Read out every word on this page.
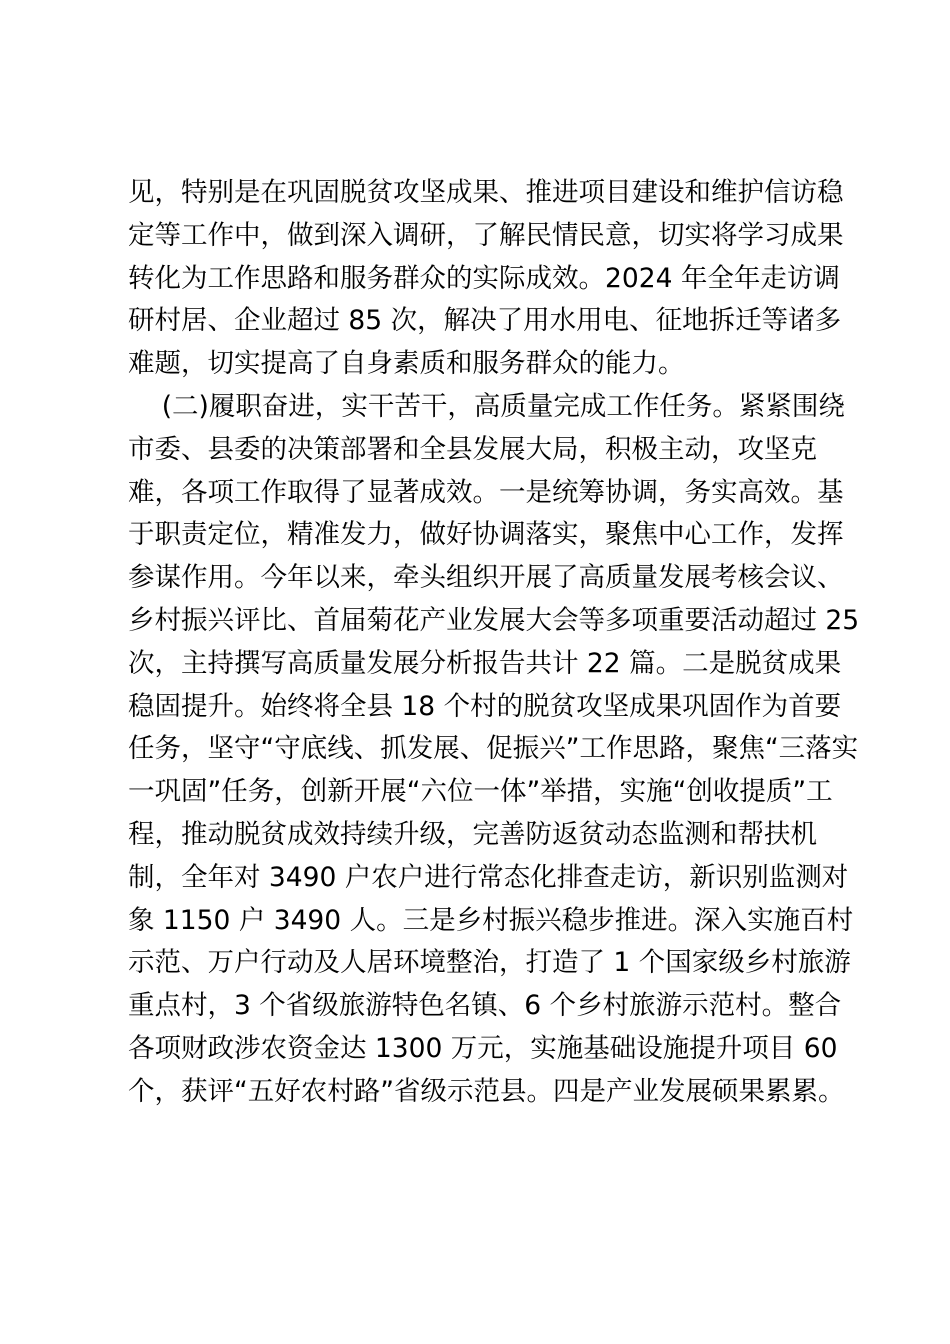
见，特别是在巩固脱贫攻坚成果、推进项目建设和维护信访稳
定等工作中，做到深入调研，了解民情民意，切实将学习成果
转化为工作思路和服务群众的实际成效。2024 年全年走访调
研村居、企业超过 85 次，解决了用水用电、征地拆迁等诸多
难题，切实提高了自身素质和服务群众的能力。
(二)履职奋进，实干苦干，高质量完成工作任务。紧紧围绕
市委、县委的决策部署和全县发展大局，积极主动，攻坚克
难，各项工作取得了显著成效。一是统筹协调，务实高效。基
于职责定位，精准发力，做好协调落实，聚焦中心工作，发挥
参谋作用。今年以来，牵头组织开展了高质量发展考核会议、
乡村振兴评比、首届菊花产业发展大会等多项重要活动超过 25
次，主持撰写高质量发展分析报告共计 22 篇。二是脱贫成果
稳固提升。始终将全县 18 个村的脱贫攻坚成果巩固作为首要
任务，坚守“守底线、抓发展、促振兴”工作思路，聚焦“三落实
一巩固”任务，创新开展“六位一体”举措，实施“创收提质”工
程，推动脱贫成效持续升级，完善防返贫动态监测和帮扶机
制，全年对 3490 户农户进行常态化排查走访，新识别监测对
象 1150 户 3490 人。三是乡村振兴稳步推进。深入实施百村
示范、万户行动及人居环境整治，打造了 1 个国家级乡村旅游
重点村，3 个省级旅游特色名镇、6 个乡村旅游示范村。整合
各项财政涉农资金达 1300 万元，实施基础设施提升项目 60
个，获评“五好农村路”省级示范县。四是产业发展硕果累累。
